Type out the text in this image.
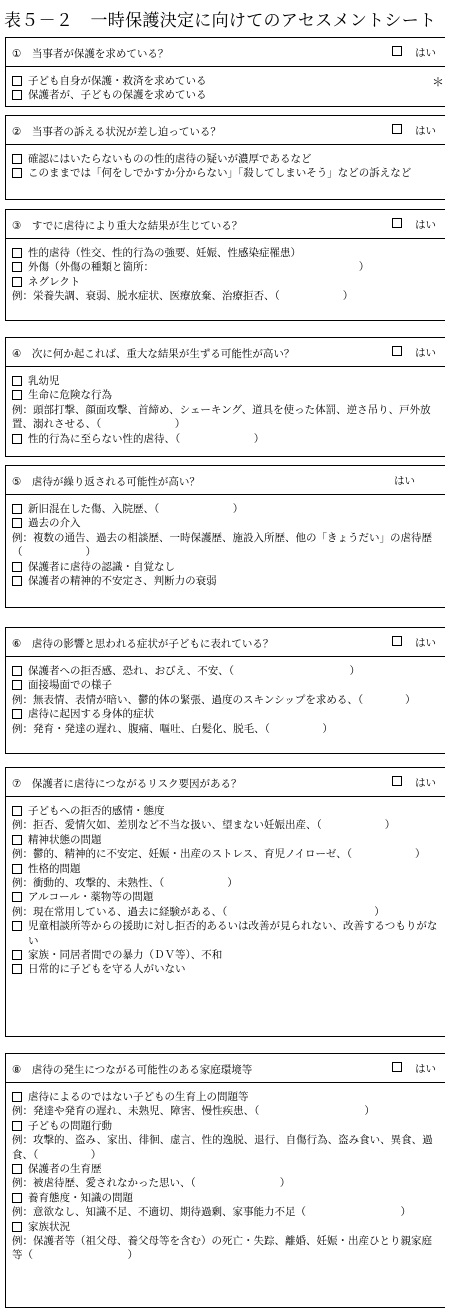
表５－２　一時保護決定に向けてのアセスメントシート
＊
①　当事者が保護を求めている？	はい
子ども自身が保護・救済を求めている
保護者が、子どもの保護を求めている
②　当事者の訴える状況が差し迫っている？	はい
確認にはいたらないものの性的虐待の疑いが濃厚であるなど
このままでは「何をしでかすか分からない」「殺してしまいそう」などの訴えなど
③　すでに虐待により重大な結果が生じている？	はい
性的虐待（性交、性的行為の強要、妊娠、性感染症罹患）
外傷（外傷の種類と箇所：　　　　　　　　　　　　　　　　　　　　）
ネグレクト
例：栄養失調、衰弱、脱水症状、医療放棄、治療拒否、（　　　　　　）
④　次に何か起これば、重大な結果が生ずる可能性が高い？	はい
乳幼児
生命に危険な行為
例：頭部打撃、顔面攻撃、首締め、シェーキング、道具を使った体罰、逆さ吊り、戸外放置、溺れさせる、（　　　　　　　）
性的行為に至らない性的虐待、（　　　　　　　）
⑤　虐待が繰り返される可能性が高い？	はい
新旧混在した傷、入院歴、（　　　　　　　）
過去の介入
例：複数の通告、過去の相談歴、一時保護歴、施設入所歴、他の「きょうだい」の虐待歴（　　　　　　）
保護者に虐待の認識・自覚なし
保護者の精神的不安定さ、判断力の衰弱
⑥　虐待の影響と思われる症状が子どもに表れている？	はい
保護者への拒否感、恐れ、おびえ、不安、（　　　　　　　　　　　）
面接場面での様子
例：無表情、表情が暗い、鬱的体の緊張、過度のスキンシップを求める、（　　　　）
虐待に起因する身体的症状
例：発育・発達の遅れ、腹痛、嘔吐、白髪化、脱毛、（　　　　　）
⑦　保護者に虐待につながるリスク要因がある？	はい
子どもへの拒否的感情・態度
例：拒否、愛情欠如、差別など不当な扱い、望まない妊娠出産、（　　　　　　）
精神状態の問題
例：鬱的、精神的に不安定、妊娠・出産のストレス、育児ノイローゼ、（　　　　　　）
性格的問題
例：衝動的、攻撃的、未熟性、（　　　　　　）
アルコール・薬物等の問題
例：現在常用している、過去に経験がある、（　　　　　　　　　　　　　　）
児童相談所等からの援助に対し拒否的あるいは改善が見られない、改善するつもりがない
家族・同居者間での暴力（ＤＶ等）、不和
日常的に子どもを守る人がいない
⑧　虐待の発生につながる可能性のある家庭環境等	はい
虐待によるのではない子どもの生育上の問題等
例：発達や発育の遅れ、未熟児、障害、慢性疾患、（　　　　　　　　　　）
子どもの問題行動
例：攻撃的、盗み、家出、徘徊、虚言、性的逸脱、退行、自傷行為、盗み食い、異食、過食、（　　　　　）
保護者の生育歴
例：被虐待歴、愛されなかった思い、（　　　　　　　　）
養育態度・知識の問題
例：意欲なし、知識不足、不適切、期待過剰、家事能力不足（　　　　　　　　　）
家族状況
例：保護者等（祖父母、養父母等を含む）の死亡・失踪、離婚、妊娠・出産ひとり親家庭等（　　　　　　　　　）
